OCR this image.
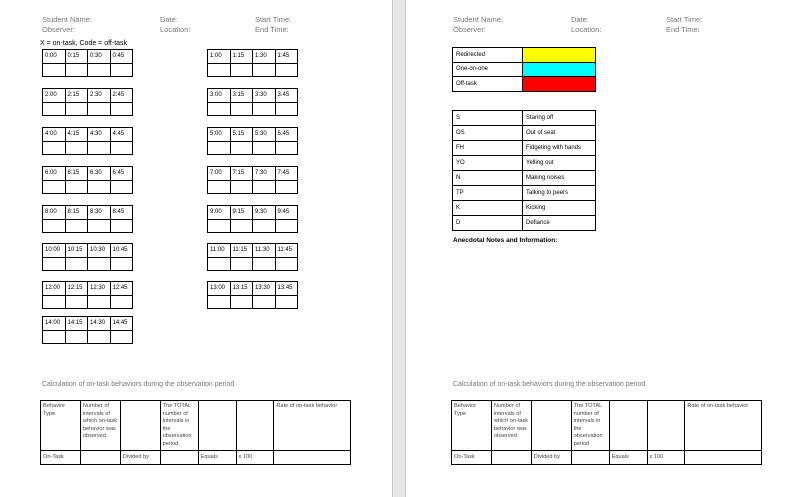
Student Name:	Date:	Start Time:
Observer:	Location:	End Time:
X = on-task, Code = off-task
0:00	0:15	0:30	0:45

2:00	2:15	2:30	2:45

4:00	4:15	4:30	4:45

6:00	6:15	6:30	6:45

8:00	8:15	8:30	8:45

10:00	10:15	10:30	10:45

12:00	12:15	12:30	12:45

14:00	14:15	14:30	14:45

1:00	1:15	1:30	1:45

3:00	3:15	3:30	3:45

5:00	5:15	5:30	5:45

7:00	7:15	7:30	7:45

9:00	9:15	9:30	9:45

11:00	11:15	11:30	11:45

13:00	13:15	13:30	13:45

Calculation of on-task behaviors during the observation period
Behavior Type	Number of intervals of which on-task behavior was observed		The TOTAL number of intervals in the observation period			Rate of on-task behavior
On-Task		Divided by		Equals	x 100	
Student Name:	Date:	Start Time:
Observer:	Location:	End Time:
Redirected	
One-on-one	
Off-task	
S	Staring off
OS	Out of seat
FH	Fidgeting with hands
YO	Yelling out
N	Making noises
TP	Talking to peers
K	Kicking
D	Defiance
Anecdotal Notes and Information:
Calculation of on-task behaviors during the observation period
Behavior Type	Number of intervals of which on-task behavior was observed		The TOTAL number of intervals in the observation period			Rate of on-task behavior
On-Task		Divided by		Equals	x 100	
